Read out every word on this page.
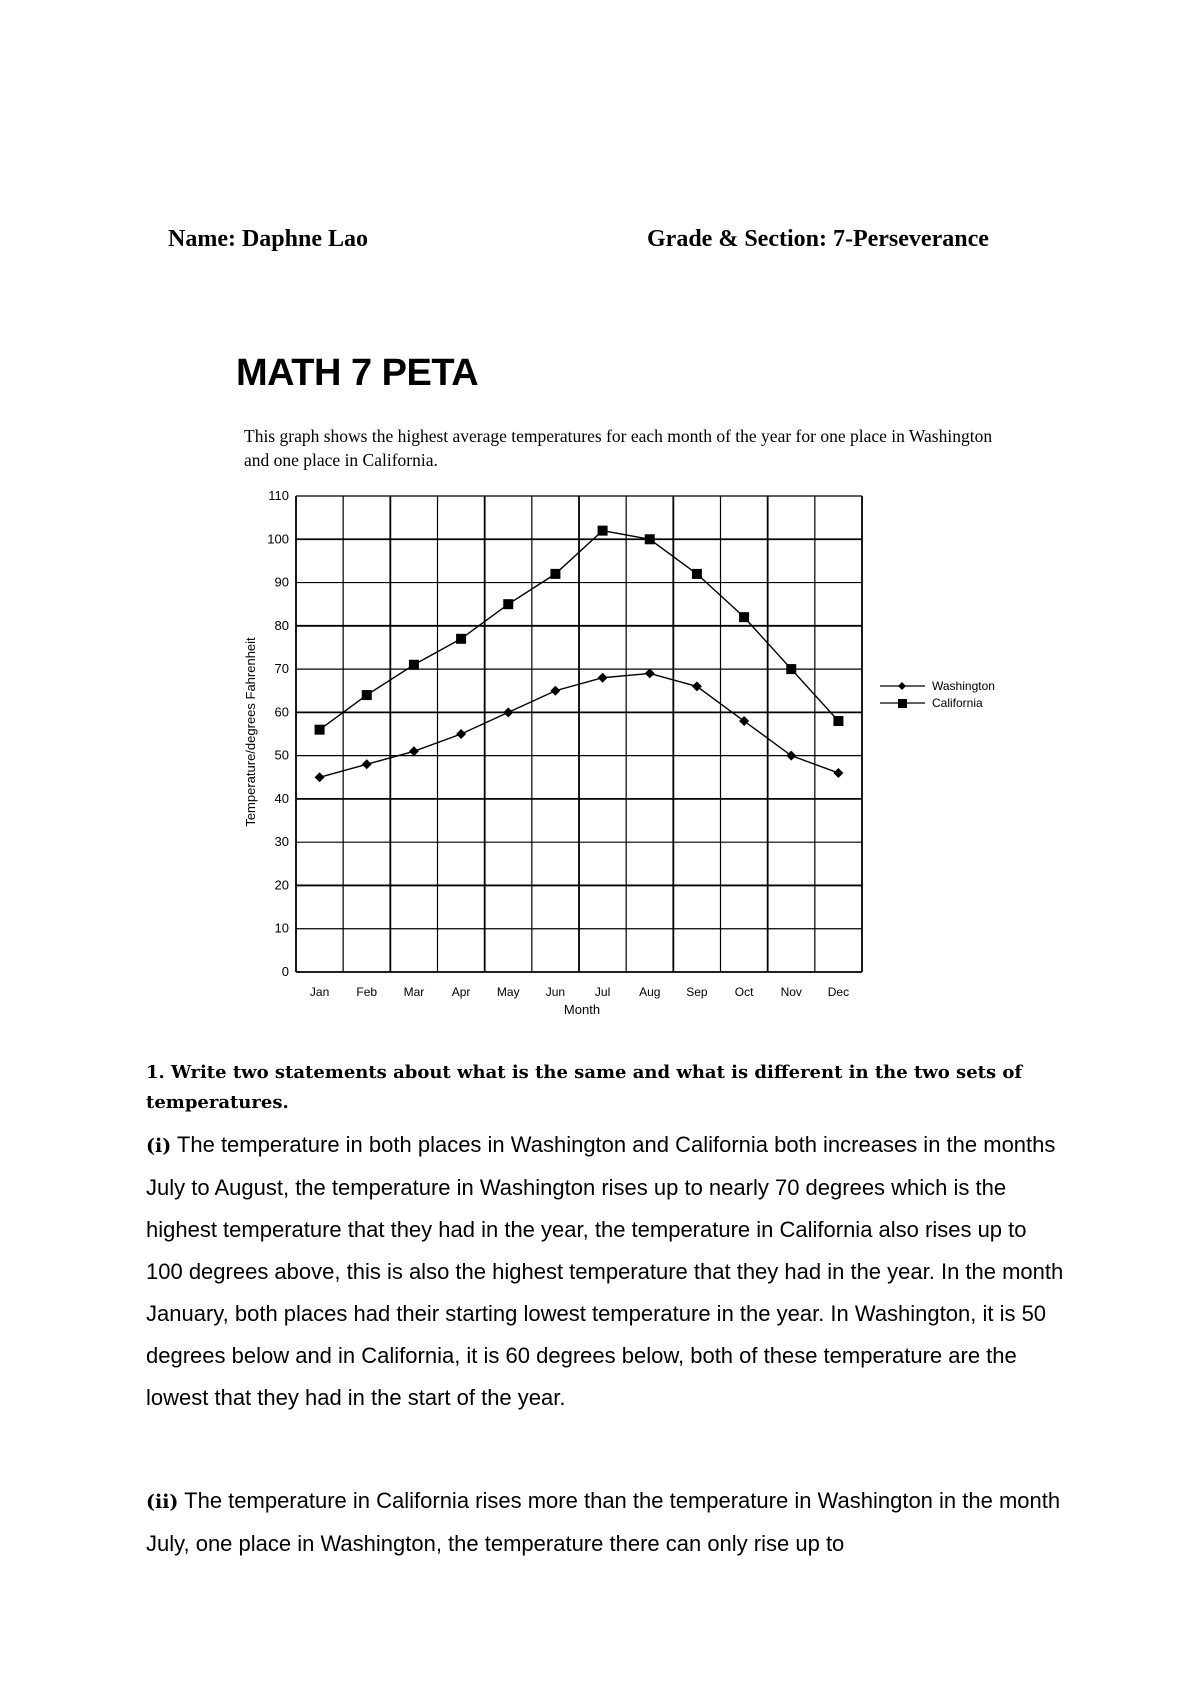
Name: Daphne Lao	Grade & Section: 7-Perseverance
MATH 7 PETA
This graph shows the highest average temperatures for each month of the year for one place in Washington and one place in California.
0
10
20
30
40
50
60
70
80
90
100
110
Jan Feb Mar Apr May Jun Jul Aug Sep Oct Nov Dec
Month
Temperature/degrees Fahrenheit	Washington
California
1. Write two statements about what is the same and what is different in the two sets of temperatures.
(i) The temperature in both places in Washington and California both increases in the months July to August, the temperature in Washington rises up to nearly 70 degrees which is the highest temperature that they had in the year, the temperature in California also rises up to 100 degrees above, this is also the highest temperature that they had in the year. In the month January, both places had their starting lowest temperature in the year. In Washington, it is 50 degrees below and in California, it is 60 degrees below, both of these temperature are the lowest that they had in the start of the year.
(ii) The temperature in California rises more than the temperature in Washington in the month July, one place in Washington, the temperature there can only rise up to
